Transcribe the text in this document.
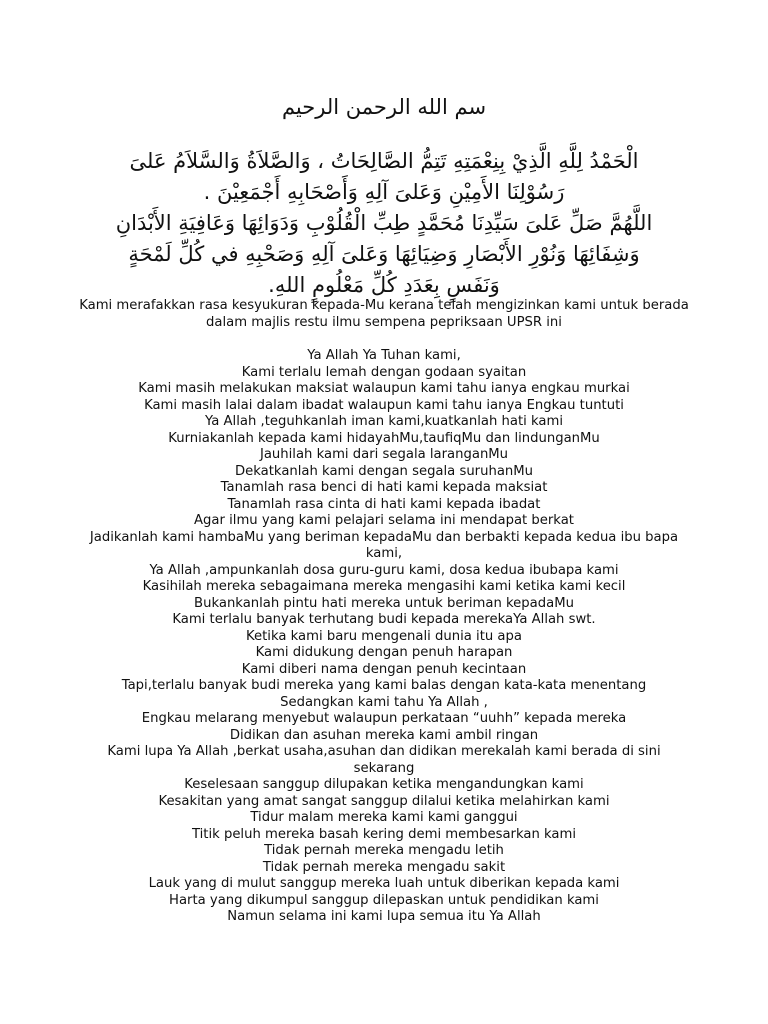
سم الله الرحمن الرحيم
الْحَمْدُ لِلَّهِ الَّذِيْ بِنِعْمَتِهِ تَتِمُّ الصَّالِحَاتُ ، وَالصَّلاَةُ وَالسَّلاَمُ عَلىَ
رَسُوْلِنَا الأَمِيْنِ وَعَلىَ آلِهِ وَأَصْحَابِهِ أَجْمَعِيْنَ .
اللَّهُمَّ صَلِّ عَلىَ سَيِّدِنَا مُحَمَّدٍ طِبِّ الْقُلُوْبِ وَدَوَائِهَا وَعَافِيَةِ الأَبْدَانِ
وَشِفَائِهَا وَنُوْرِ الأَبْصَارِ وَضِيَائِهَا وَعَلىَ آلِهِ وَصَحْبِهِ في كُلِّ لَمْحَةٍ
وَنَفَسٍ بِعَدَدِ كُلِّ مَعْلُومٍ اللهِ.
Kami merafakkan rasa kesyukuran kepada-Mu kerana telah mengizinkan kami untuk berada dalam majlis restu ilmu sempena pepriksaan UPSR ini
Ya Allah Ya Tuhan kami,
Kami terlalu lemah dengan godaan syaitan
Kami masih melakukan maksiat walaupun kami tahu ianya engkau murkai
Kami masih lalai dalam ibadat walaupun kami tahu ianya Engkau tuntuti
Ya Allah ,teguhkanlah iman kami,kuatkanlah hati kami
Kurniakanlah kepada kami hidayahMu,taufiqMu dan lindunganMu
Jauhilah kami dari segala laranganMu
Dekatkanlah kami dengan segala suruhanMu
Tanamlah rasa benci di hati kami kepada maksiat
Tanamlah rasa cinta di hati kami kepada ibadat
Agar ilmu yang kami pelajari selama ini mendapat berkat
Jadikanlah kami hambaMu yang beriman kepadaMu dan berbakti kepada kedua ibu bapa kami,
Ya Allah ,ampunkanlah dosa guru-guru kami, dosa kedua ibubapa kami
Kasihilah mereka sebagaimana mereka mengasihi kami ketika kami kecil
Bukankanlah pintu hati mereka untuk beriman kepadaMu
Kami terlalu banyak terhutang budi kepada merekaYa Allah swt.
Ketika kami baru mengenali dunia itu apa
Kami didukung dengan penuh harapan
Kami diberi nama dengan penuh kecintaan
Tapi,terlalu banyak budi mereka yang kami balas dengan kata-kata menentang
Sedangkan kami tahu Ya Allah ,
Engkau melarang menyebut walaupun perkataan “uuhh” kepada mereka
Didikan dan asuhan mereka kami ambil ringan
Kami lupa Ya Allah ,berkat usaha,asuhan dan didikan merekalah kami berada di sini sekarang
Keselesaan sanggup dilupakan ketika mengandungkan kami
Kesakitan yang amat sangat sanggup dilalui ketika melahirkan kami
Tidur malam mereka kami kami ganggui
Titik peluh mereka basah kering demi membesarkan kami
Tidak pernah mereka mengadu letih
Tidak pernah mereka mengadu sakit
Lauk yang di mulut sanggup mereka luah untuk diberikan kepada kami
Harta yang dikumpul sanggup dilepaskan untuk pendidikan kami
Namun selama ini kami lupa semua itu Ya Allah
